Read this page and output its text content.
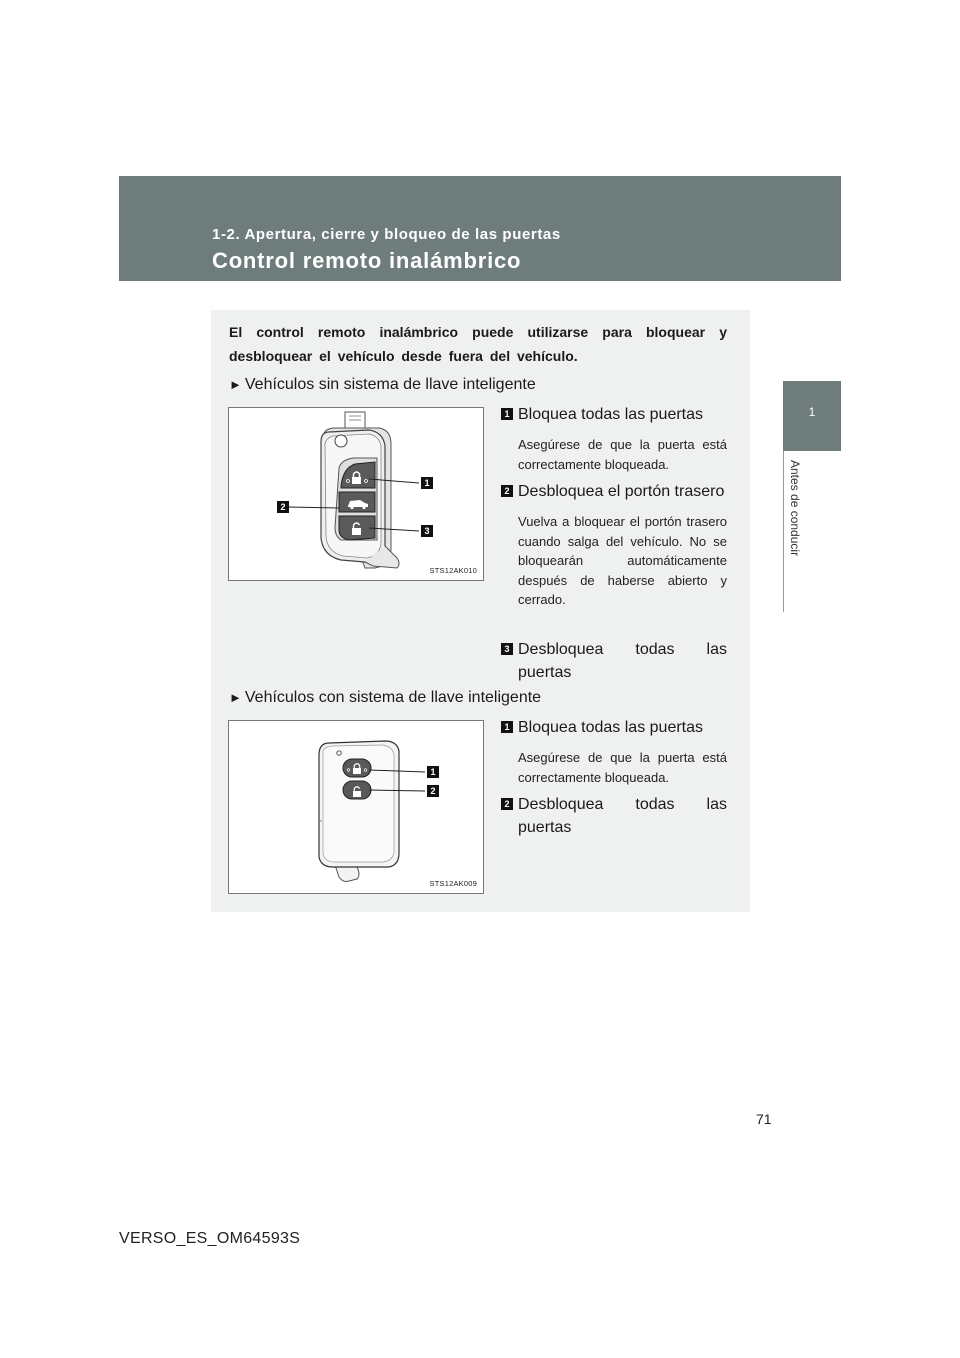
1-2. Apertura, cierre y bloqueo de las puertas
Control remoto inalámbrico
1
Antes de conducir
El control remoto inalámbrico puede utilizarse para bloquear y desbloquear el vehículo desde fuera del vehículo.
► Vehículos sin sistema de llave inteligente
1
2
3
STS12AK010
1 Bloquea todas las puertas
Asegúrese de que la puerta está correctamente bloqueada.
2 Desbloquea el portón trasero
Vuelva a bloquear el portón trasero cuando salga del vehículo. No se bloquearán automáticamente después de haberse abierto y cerrado.
3 Desbloquea todas las puertas
► Vehículos con sistema de llave inteligente
1
2
STS12AK009
1 Bloquea todas las puertas
Asegúrese de que la puerta está correctamente bloqueada.
2 Desbloquea todas las puertas
71
VERSO_ES_OM64593S
